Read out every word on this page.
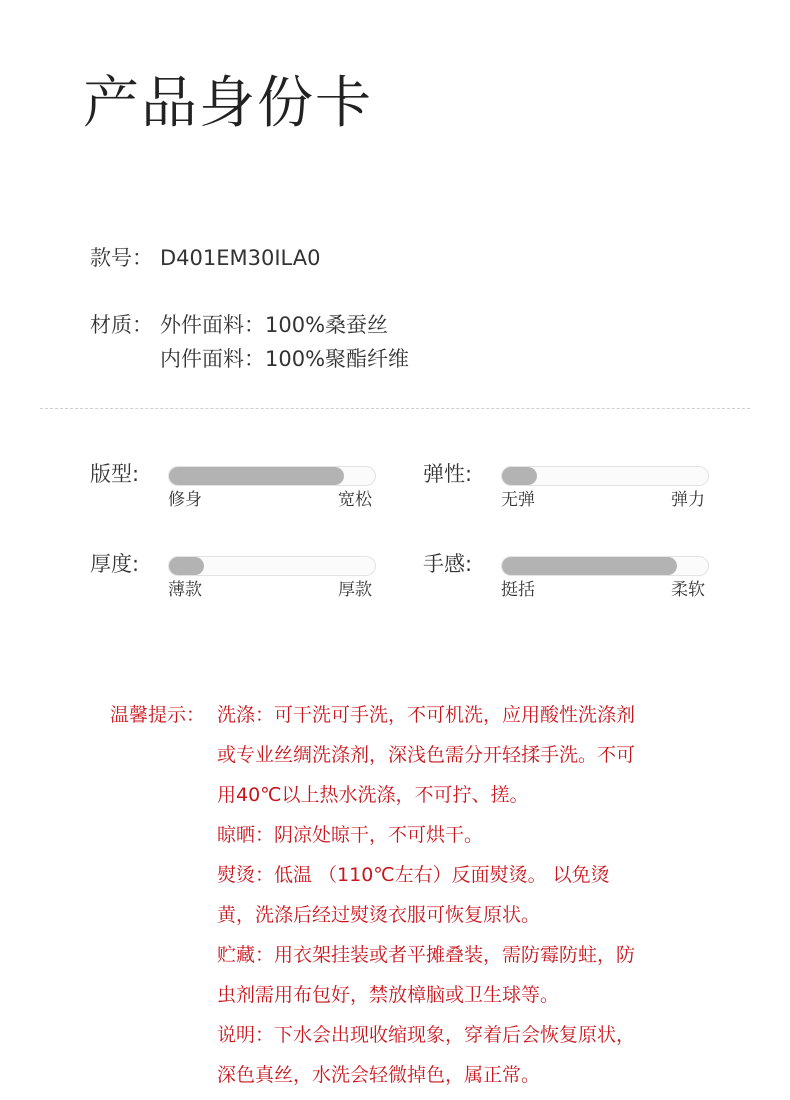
产品身份卡
款号： D401EM30ILA0
材质： 外件面料：100%桑蚕丝
内件面料：100%聚酯纤维
版型:
修身	宽松
弹性:
无弹	弹力
厚度:
薄款	厚款
手感:
挺括	柔软
温馨提示： 洗涤：可干洗可手洗，不可机洗，应用酸性洗涤剂
或专业丝绸洗涤剂，深浅色需分开轻揉手洗。不可
用40℃以上热水洗涤，不可拧、搓。
晾晒：阴凉处晾干，不可烘干。
熨烫：低温 （110℃左右）反面熨烫。 以免烫
黄，洗涤后经过熨烫衣服可恢复原状。
贮藏：用衣架挂装或者平摊叠装，需防霉防蛀，防
虫剂需用布包好，禁放樟脑或卫生球等。
说明：下水会出现收缩现象，穿着后会恢复原状，
深色真丝，水洗会轻微掉色，属正常。
